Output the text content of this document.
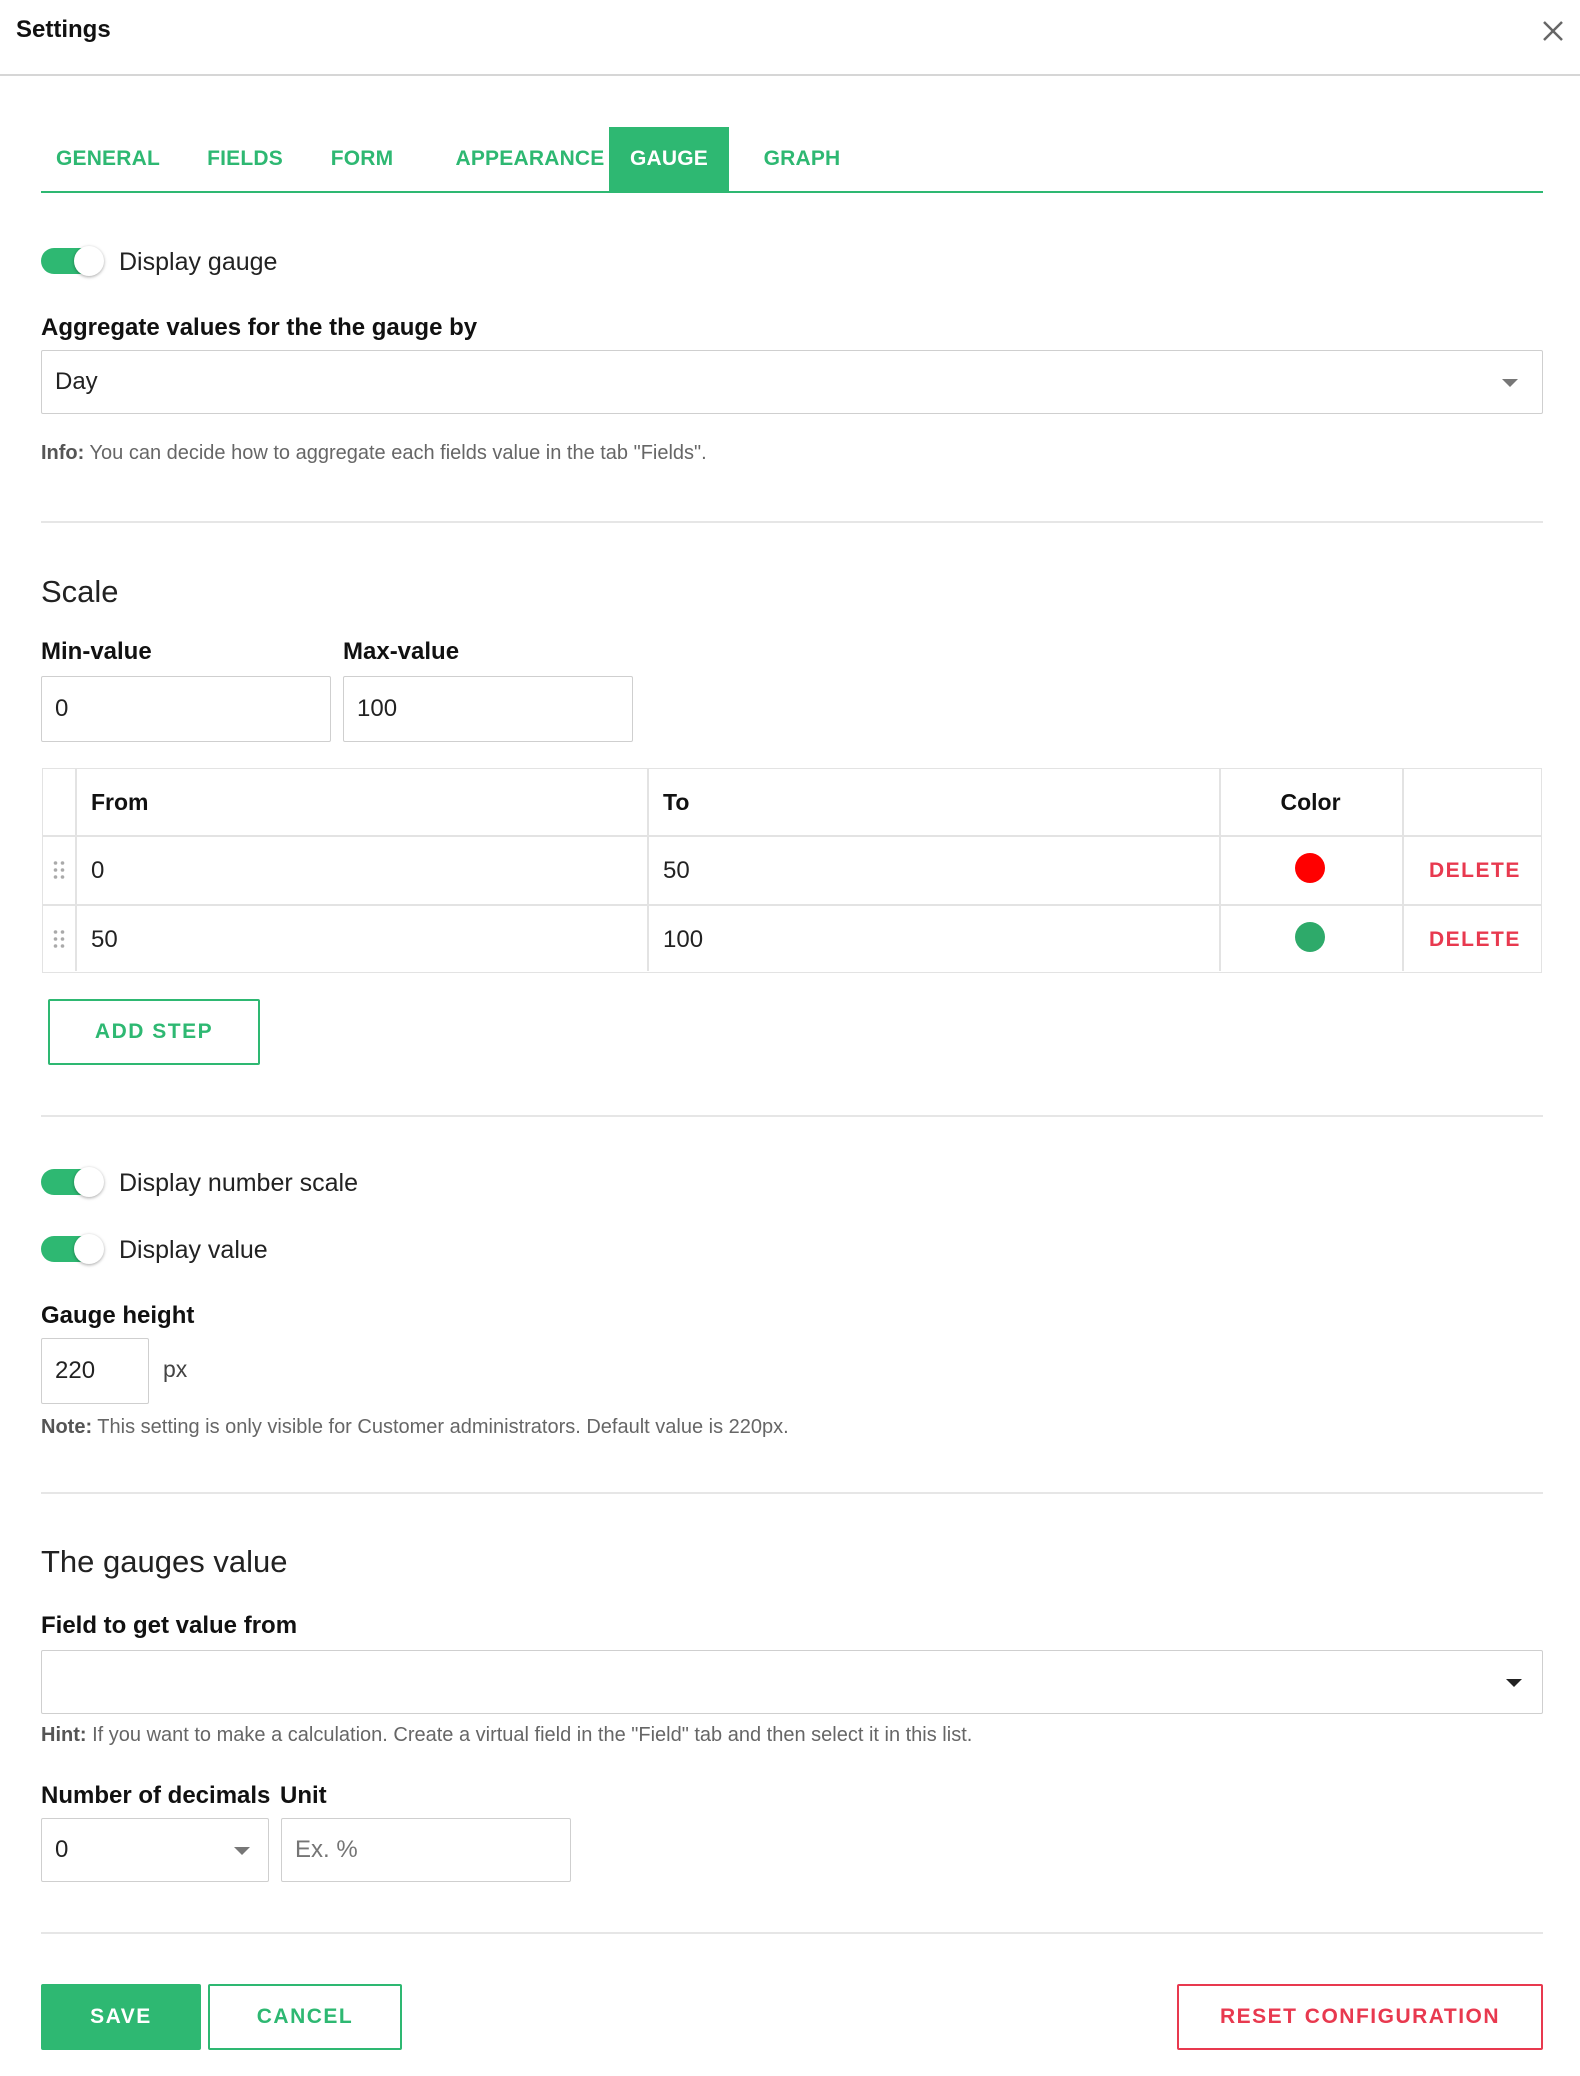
Settings
GENERAL FIELDS FORM	APPEARANCE	GAUGE	GRAPH
Display gauge
Aggregate values for the the gauge by
Day
Info: You can decide how to aggregate each fields value in the tab "Fields".
Scale
Min-value	Max-value
0	100
From	To	Color
0	50	DELETE
50	100	DELETE
ADD STEP
Display number scale
Display value
Gauge height
220	px
Note: This setting is only visible for Customer administrators. Default value is 220px.
The gauges value
Field to get value from
Hint: If you want to make a calculation. Create a virtual field in the "Field" tab and then select it in this list.
Number of decimals Unit
0
Ex. %
SAVE	CANCEL	RESET CONFIGURATION
